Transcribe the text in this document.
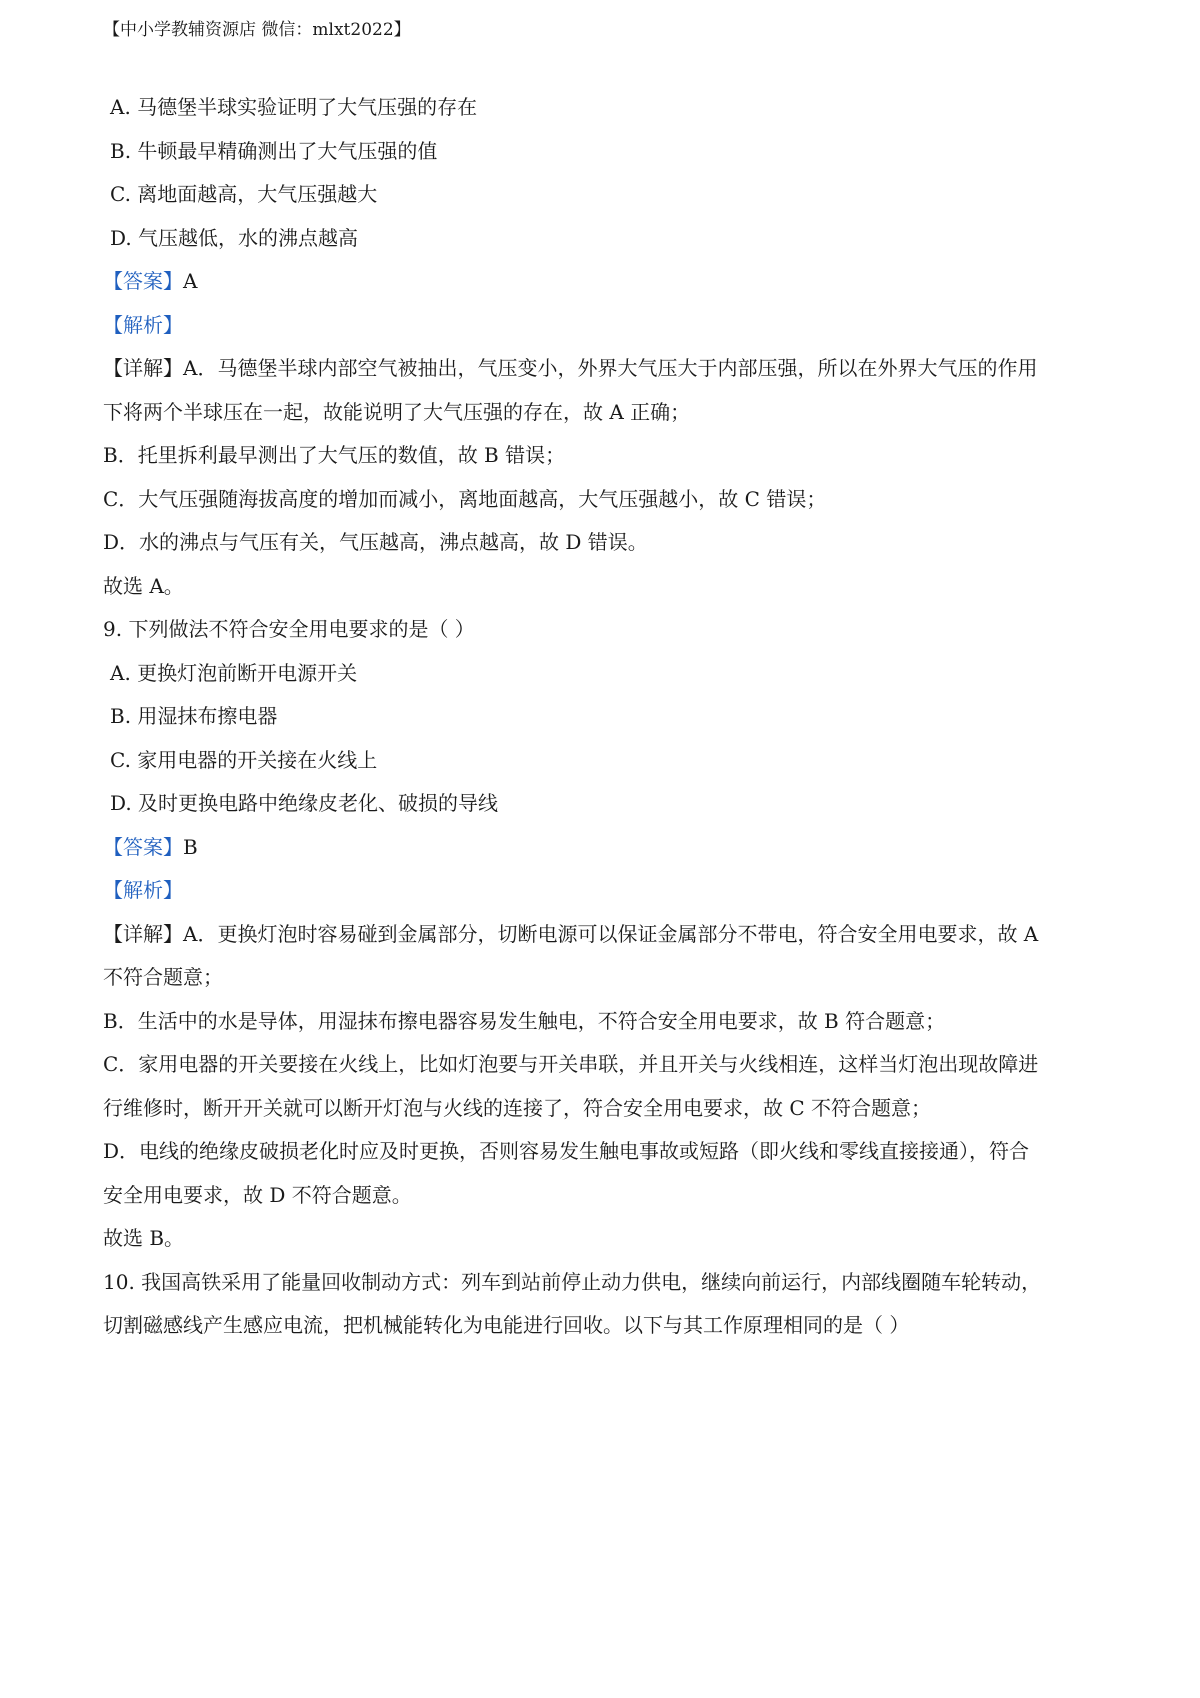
【中小学教辅资源店 微信：mlxt2022】
A. 马德堡半球实验证明了大气压强的存在
B. 牛顿最早精确测出了大气压强的值
C. 离地面越高，大气压强越大
D. 气压越低，水的沸点越高
【答案】A
【解析】
【详解】A．马德堡半球内部空气被抽出，气压变小，外界大气压大于内部压强，所以在外界大气压的作用
下将两个半球压在一起，故能说明了大气压强的存在，故 A 正确；
B．托里拆利最早测出了大气压的数值，故 B 错误；
C．大气压强随海拔高度的增加而减小，离地面越高，大气压强越小，故 C 错误；
D．水的沸点与气压有关，气压越高，沸点越高，故 D 错误。
故选 A。
9. 下列做法不符合安全用电要求的是（ ）
A. 更换灯泡前断开电源开关
B. 用湿抹布擦电器
C. 家用电器的开关接在火线上
D. 及时更换电路中绝缘皮老化、破损的导线
【答案】B
【解析】
【详解】A．更换灯泡时容易碰到金属部分，切断电源可以保证金属部分不带电，符合安全用电要求，故 A
不符合题意；
B．生活中的水是导体，用湿抹布擦电器容易发生触电，不符合安全用电要求，故 B 符合题意；
C．家用电器的开关要接在火线上，比如灯泡要与开关串联，并且开关与火线相连，这样当灯泡出现故障进
行维修时，断开开关就可以断开灯泡与火线的连接了，符合安全用电要求，故 C 不符合题意；
D．电线的绝缘皮破损老化时应及时更换，否则容易发生触电事故或短路（即火线和零线直接接通），符合
安全用电要求，故 D 不符合题意。
故选 B。
10. 我国高铁采用了能量回收制动方式：列车到站前停止动力供电，继续向前运行，内部线圈随车轮转动，
切割磁感线产生感应电流，把机械能转化为电能进行回收。以下与其工作原理相同的是（ ）
